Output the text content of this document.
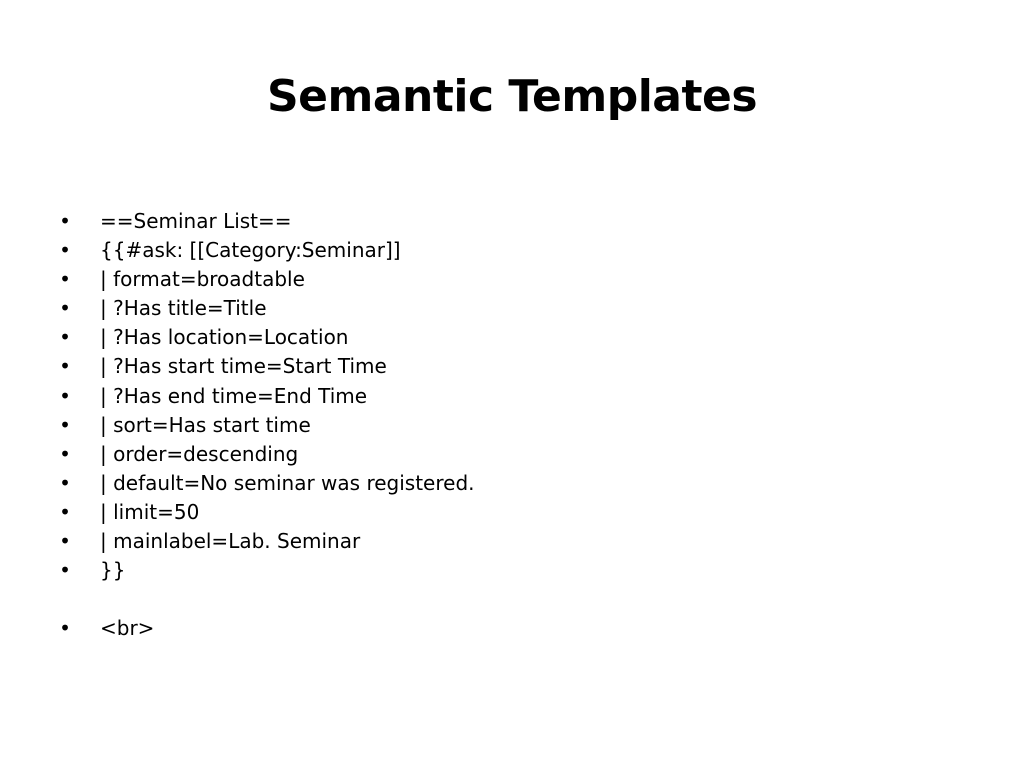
Semantic Templates
• ==Seminar List==
• {{#ask: [[Category:Seminar]]
• | format=broadtable
• | ?Has title=Title
• | ?Has location=Location
• | ?Has start time=Start Time
• | ?Has end time=End Time
• | sort=Has start time
• | order=descending
• | default=No seminar was registered.
• | limit=50
• | mainlabel=Lab. Seminar
• }}
• <br>
